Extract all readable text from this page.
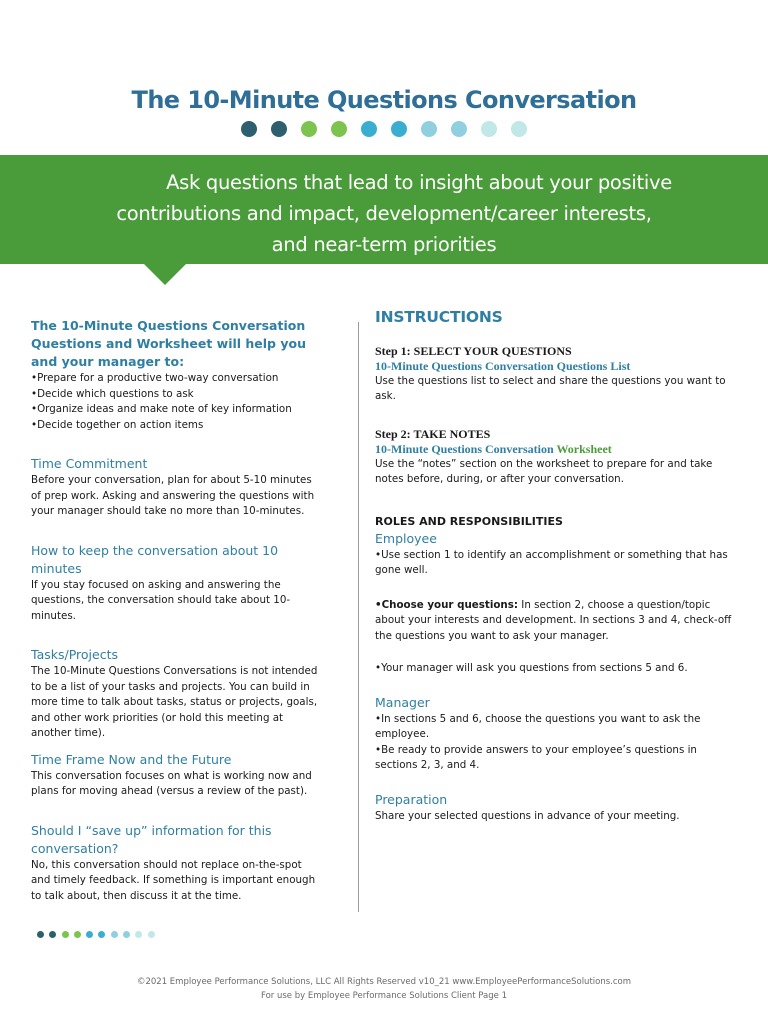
The 10-Minute Questions Conversation
Ask questions that lead to insight about your positive
contributions and impact, development/career interests,
and near-term priorities
The 10-Minute Questions Conversation Questions and Worksheet will help you and your manager to:

•Prepare for a productive two-way conversation

•Decide which questions to ask

•Organize ideas and make note of key information

•Decide together on action items

Time Commitment

Before your conversation, plan for about 5-10 minutes of prep work. Asking and answering the questions with your manager should take no more than 10-minutes.

How to keep the conversation about 10 minutes

If you stay focused on asking and answering the questions, the conversation should take about 10-minutes.

Tasks/Projects

The 10-Minute Questions Conversations is not intended to be a list of your tasks and projects. You can build in more time to talk about tasks, status or projects, goals, and other work priorities (or hold this meeting at another time).

Time Frame Now and the Future

This conversation focuses on what is working now and plans for moving ahead (versus a review of the past).

Should I “save up” information for this conversation?

No, this conversation should not replace on-the-spot and timely feedback. If something is important enough to talk about, then discuss it at the time.

INSTRUCTIONS
Step 1: SELECT YOUR QUESTIONS
10-Minute Questions Conversation Questions List

Use the questions list to select and share the questions you want to ask.

Step 2: TAKE NOTES
10-Minute Questions Conversation Worksheet

Use the “notes” section on the worksheet to prepare for and take notes before, during, or after your conversation.

ROLES AND RESPONSIBILITIES
Employee

•Use section 1 to identify an accomplishment or something that has gone well.

•Choose your questions: In section 2, choose a question/topic about your interests and development. In sections 3 and 4, check-off the questions you want to ask your manager.

•Your manager will ask you questions from sections 5 and 6.

Manager

•In sections 5 and 6, choose the questions you want to ask the employee.

•Be ready to provide answers to your employee’s questions in sections 2, 3, and 4.

Preparation

Share your selected questions in advance of your meeting.

©2021 Employee Performance Solutions, LLC All Rights Reserved v10_21 www.EmployeePerformanceSolutions.com
For use by Employee Performance Solutions Client Page 1
